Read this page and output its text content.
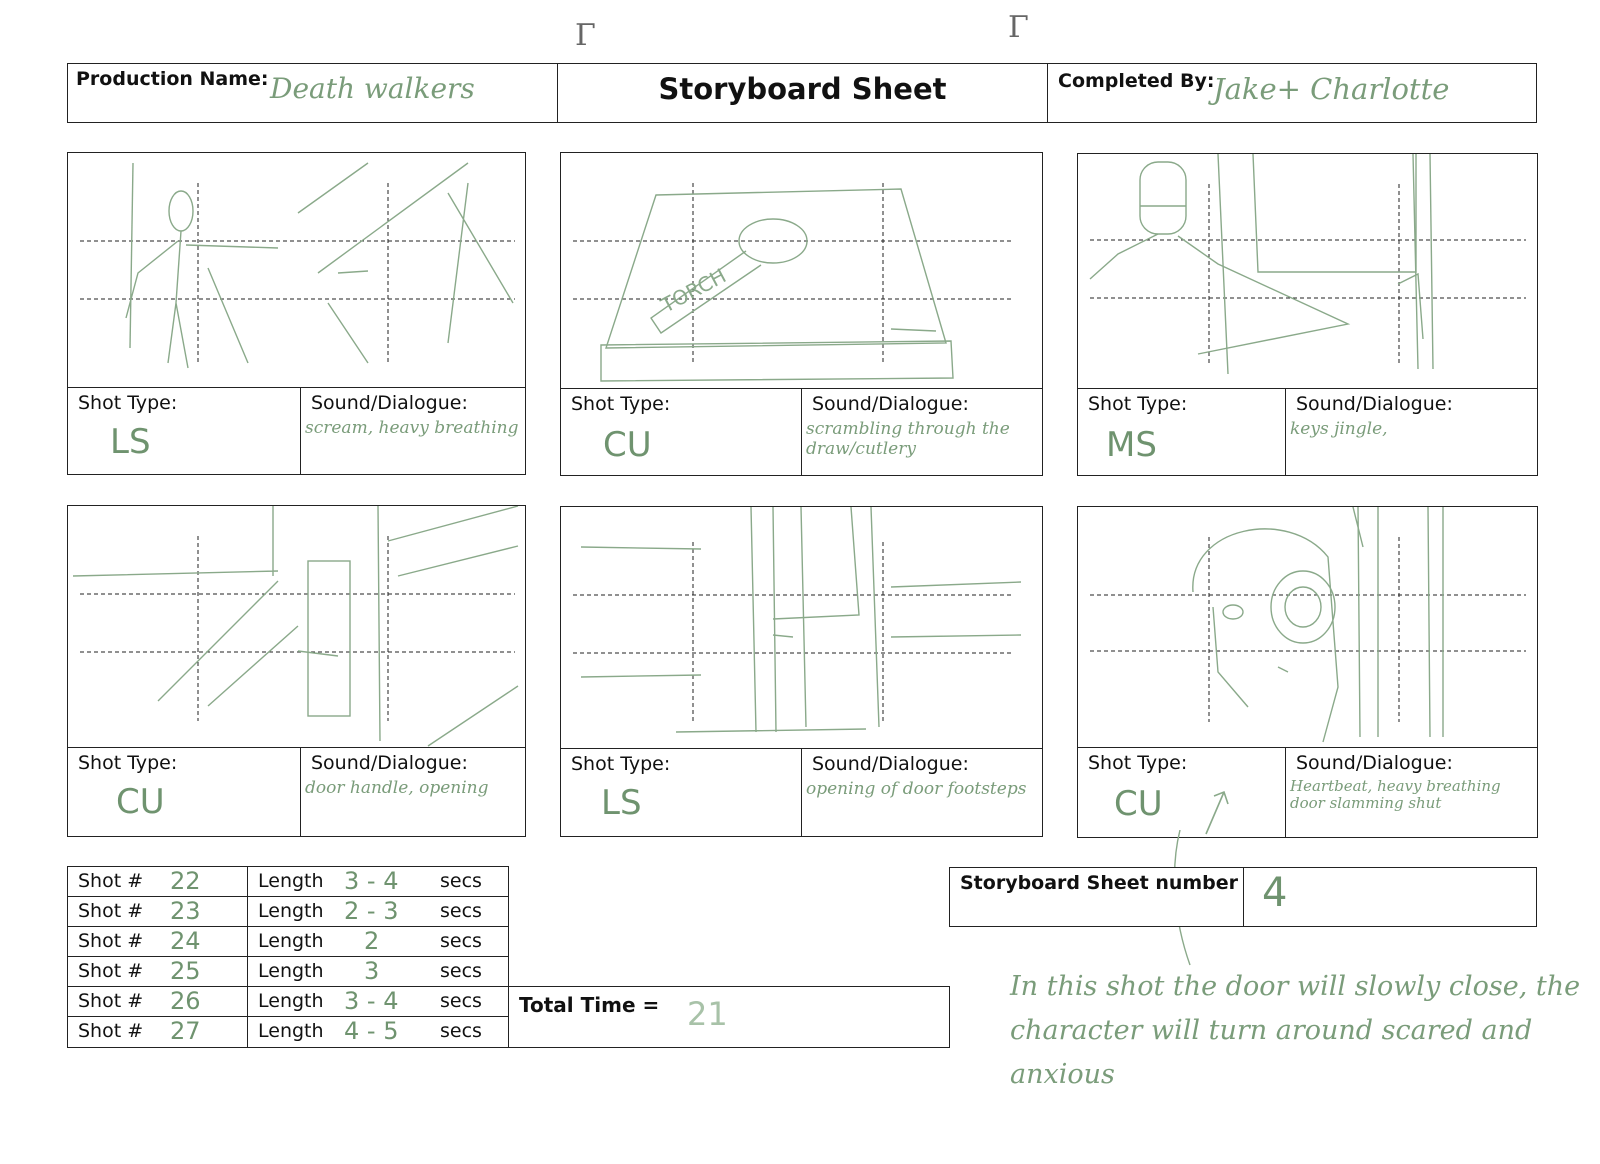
Γ	Γ
Production Name: Death walkers	Storyboard Sheet	Completed By:
Jake+ Charlotte
Shot Type:
LS
Sound/Dialogue:
scream, heavy breathing
TORCH
Shot Type:
CU
Sound/Dialogue:
scrambling through the draw/cutlery
Shot Type:
MS
Sound/Dialogue:
keys jingle,
Shot Type:
CU
Sound/Dialogue:
door handle, opening
Shot Type:
LS
Sound/Dialogue:
opening of door footsteps
Shot Type:
CU
Sound/Dialogue:
Heartbeat, heavy breathing door slamming shut
Shot # 22	Length 3 - 4 secs
Shot # 23	Length 2 - 3 secs
Shot # 24	Length 2	secs
Shot # 25	Length 3	secs
Shot # 26	Length 3 - 4 secs
Shot # 27	Length 4 - 5 secs
Total Time = 21
Storyboard Sheet number 4
In this shot the door will slowly close, the character will turn around scared and anxious
